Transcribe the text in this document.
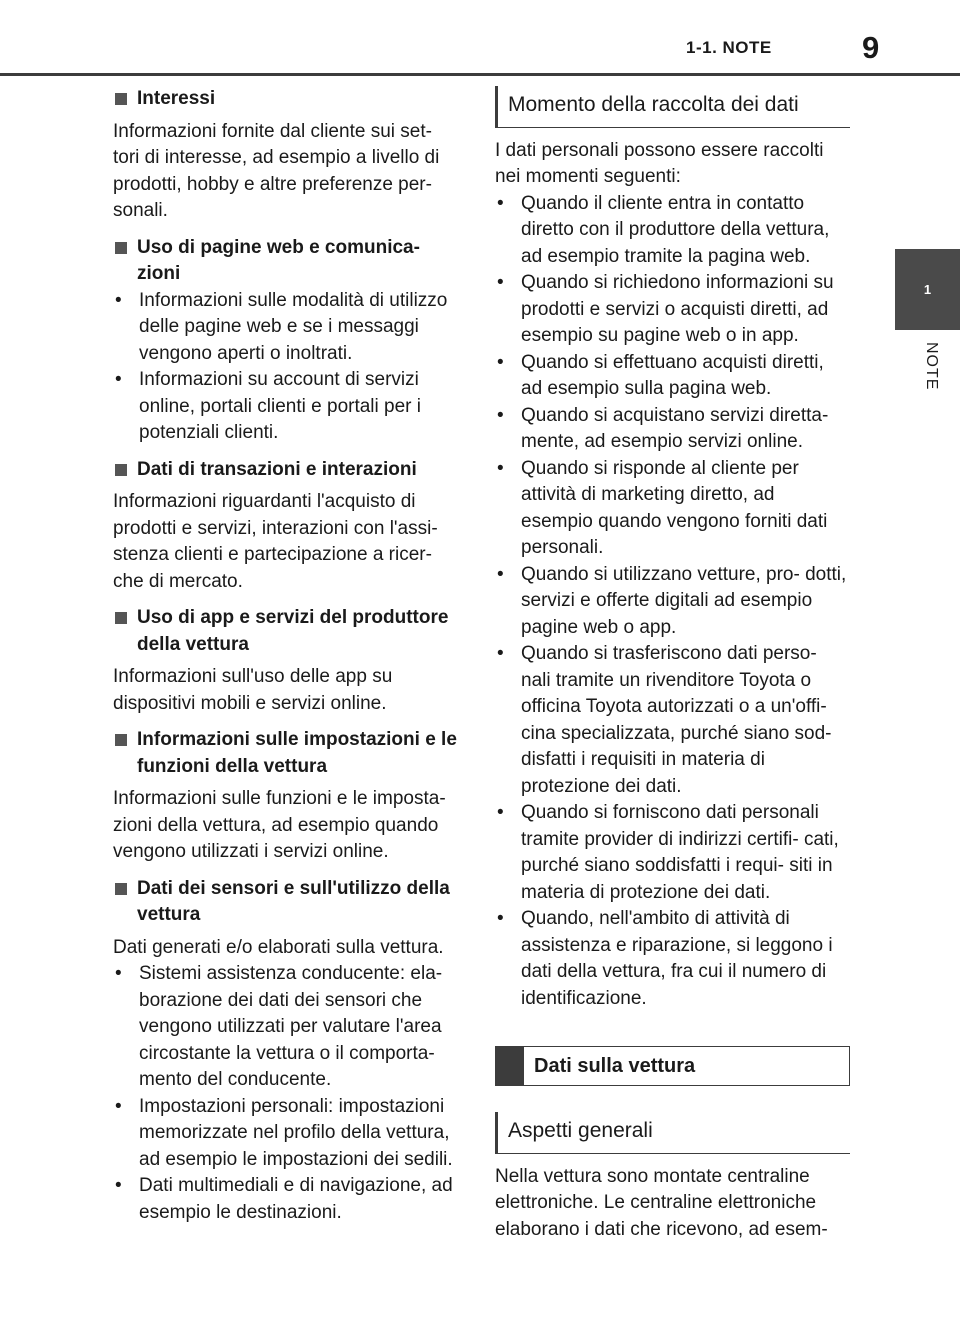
1-1. NOTE	9
1
NOTE

Interessi

Informazioni fornite dal cliente sui set- tori di interesse, ad esempio a livello di prodotti, hobby e altre preferenze per- sonali.

Uso di pagine web e comunica- zioni

• Informazioni sulle modalità di utilizzo delle pagine web e se i messaggi vengono aperti o inoltrati.
• Informazioni su account di servizi online, portali clienti e portali per i potenziali clienti.

Dati di transazioni e interazioni

Informazioni riguardanti l'acquisto di prodotti e servizi, interazioni con l'assi- stenza clienti e partecipazione a ricer- che di mercato.

Uso di app e servizi del produttore della vettura

Informazioni sull'uso delle app su dispositivi mobili e servizi online.

Informazioni sulle impostazioni e le funzioni della vettura

Informazioni sulle funzioni e le imposta- zioni della vettura, ad esempio quando vengono utilizzati i servizi online.

Dati dei sensori e sull'utilizzo della vettura

Dati generati e/o elaborati sulla vettura.

• Sistemi assistenza conducente: ela- borazione dei dati dei sensori che vengono utilizzati per valutare l'area circostante la vettura o il comporta- mento del conducente.
• Impostazioni personali: impostazioni memorizzate nel profilo della vettura, ad esempio le impostazioni dei sedili.
• Dati multimediali e di navigazione, ad esempio le destinazioni.
Momento della raccolta dei dati

I dati personali possono essere raccolti nei momenti seguenti:

• Quando il cliente entra in contatto diretto con il produttore della vettura, ad esempio tramite la pagina web.
• Quando si richiedono informazioni su prodotti e servizi o acquisti diretti, ad esempio su pagine web o in app.
• Quando si effettuano acquisti diretti, ad esempio sulla pagina web.
• Quando si acquistano servizi diretta- mente, ad esempio servizi online.
• Quando si risponde al cliente per attività di marketing diretto, ad esempio quando vengono forniti dati personali.
• Quando si utilizzano vetture, pro- dotti, servizi e offerte digitali ad esempio pagine web o app.
• Quando si trasferiscono dati perso- nali tramite un rivenditore Toyota o officina Toyota autorizzati o a un'offi- cina specializzata, purché siano sod- disfatti i requisiti in materia di protezione dei dati.
• Quando si forniscono dati personali tramite provider di indirizzi certifi- cati, purché siano soddisfatti i requi- siti in materia di protezione dei dati.
• Quando, nell'ambito di attività di assistenza e riparazione, si leggono i dati della vettura, fra cui il numero di identificazione.
Dati sulla vettura
Aspetti generali

Nella vettura sono montate centraline elettroniche. Le centraline elettroniche elaborano i dati che ricevono, ad esem-
